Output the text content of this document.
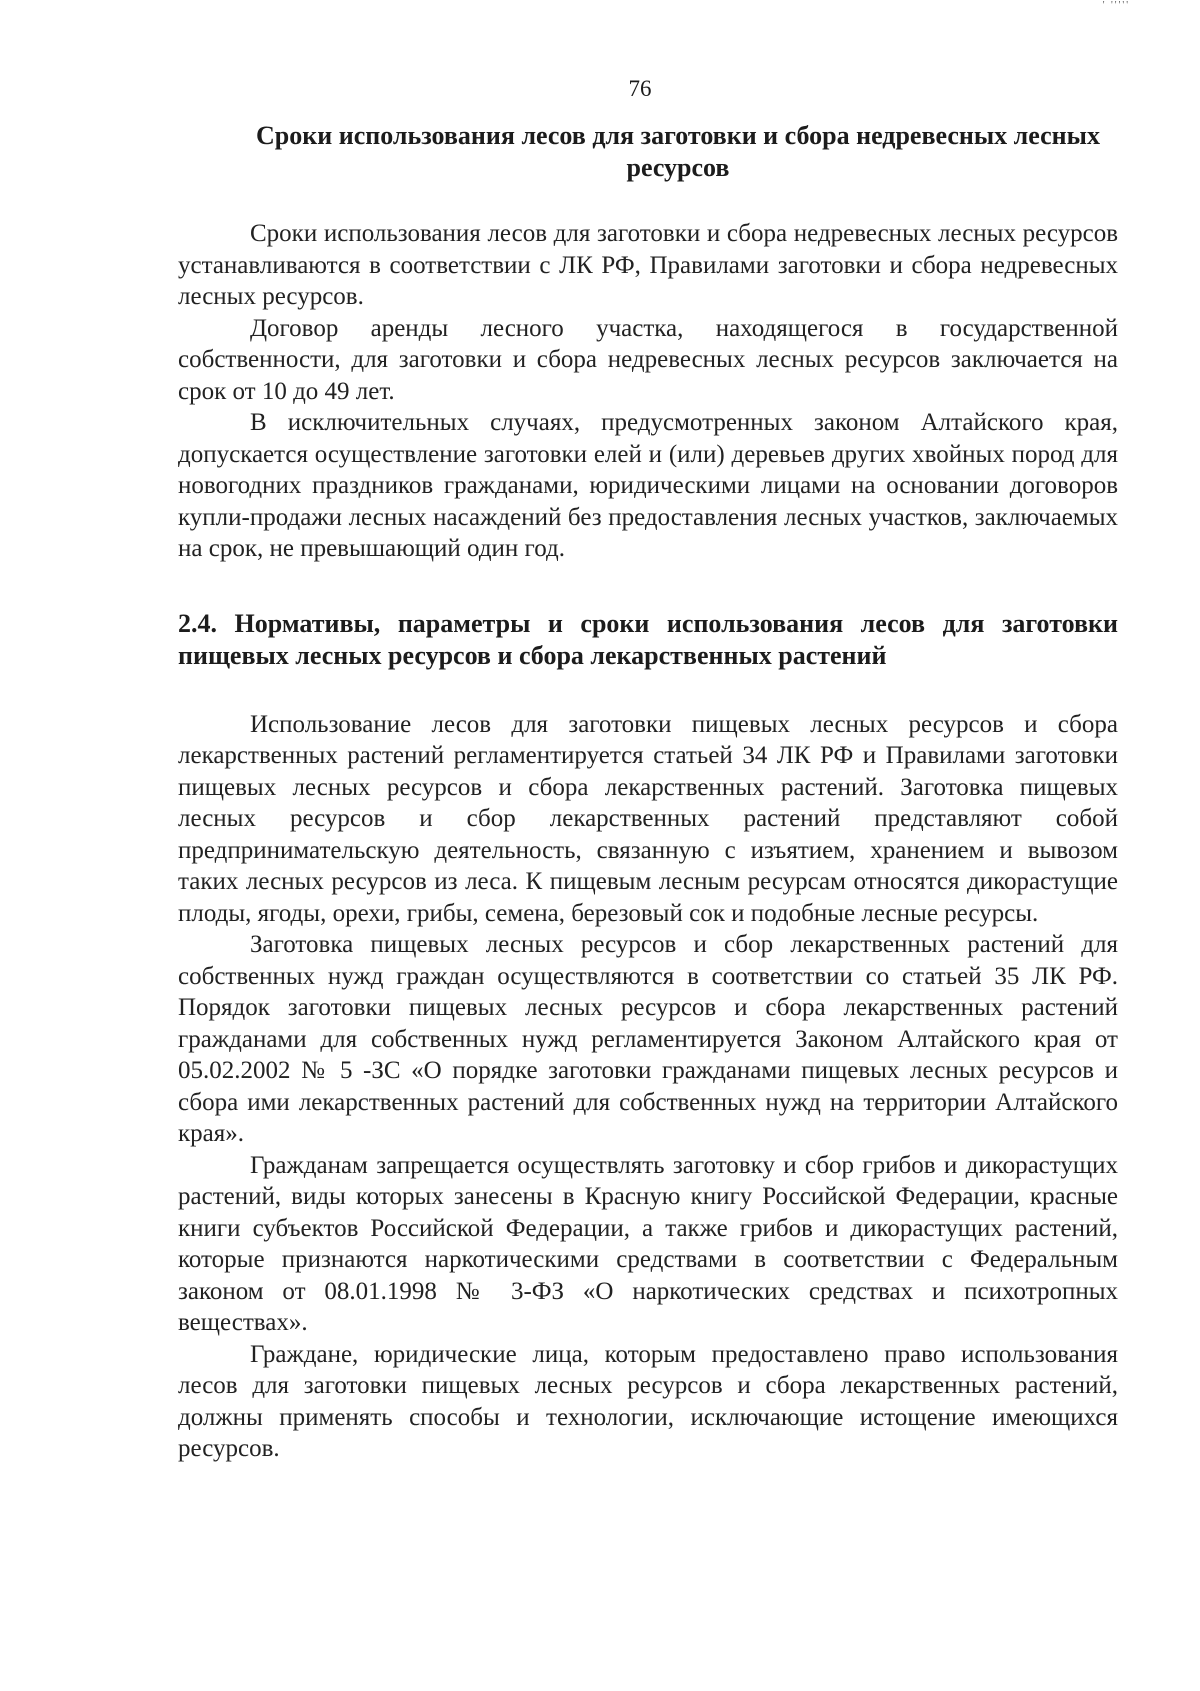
' '''''
76
Сроки использования лесов для заготовки и сбора недревесных лесных ресурсов

Сроки использования лесов для заготовки и сбора недревесных лесных ресурсов устанавливаются в соответствии с ЛК РФ, Правилами заготовки и сбора недревесных лесных ресурсов.

Договор аренды лесного участка, находящегося в государственной собственности, для заготовки и сбора недревесных лесных ресурсов заключается на срок от 10 до 49 лет.

В исключительных случаях, предусмотренных законом Алтайского края, допускается осуществление заготовки елей и (или) деревьев других хвойных пород для новогодних праздников гражданами, юридическими лицами на основании договоров купли-продажи лесных насаждений без предоставления лесных участков, заключаемых на срок, не превышающий один год.

2.4. Нормативы, параметры и сроки использования лесов для заготовки пищевых лесных ресурсов и сбора лекарственных растений

Использование лесов для заготовки пищевых лесных ресурсов и сбора лекарственных растений регламентируется статьей 34 ЛК РФ и Правилами заготовки пищевых лесных ресурсов и сбора лекарственных растений. Заготовка пищевых лесных ресурсов и сбор лекарственных растений представляют собой предпринимательскую деятельность, связанную с изъятием, хранением и вывозом таких лесных ресурсов из леса. К пищевым лесным ресурсам относятся дикорастущие плоды, ягоды, орехи, грибы, семена, березовый сок и подобные лесные ресурсы.

Заготовка пищевых лесных ресурсов и сбор лекарственных растений для собственных нужд граждан осуществляются в соответствии со статьей 35 ЛК РФ. Порядок заготовки пищевых лесных ресурсов и сбора лекарственных растений гражданами для собственных нужд регламентируется Законом Алтайского края от 05.02.2002 № 5 -ЗС «О порядке заготовки гражданами пищевых лесных ресурсов и сбора ими лекарственных растений для собственных нужд на территории Алтайского края».

Гражданам запрещается осуществлять заготовку и сбор грибов и дикорастущих растений, виды которых занесены в Красную книгу Российской Федерации, красные книги субъектов Российской Федерации, а также грибов и дикорастущих растений, которые признаются наркотическими средствами в соответствии с Федеральным законом от 08.01.1998 № 3-ФЗ «О наркотических средствах и психотропных веществах».

Граждане, юридические лица, которым предоставлено право использования лесов для заготовки пищевых лесных ресурсов и сбора лекарственных растений, должны применять способы и технологии, исключающие истощение имеющихся ресурсов.
